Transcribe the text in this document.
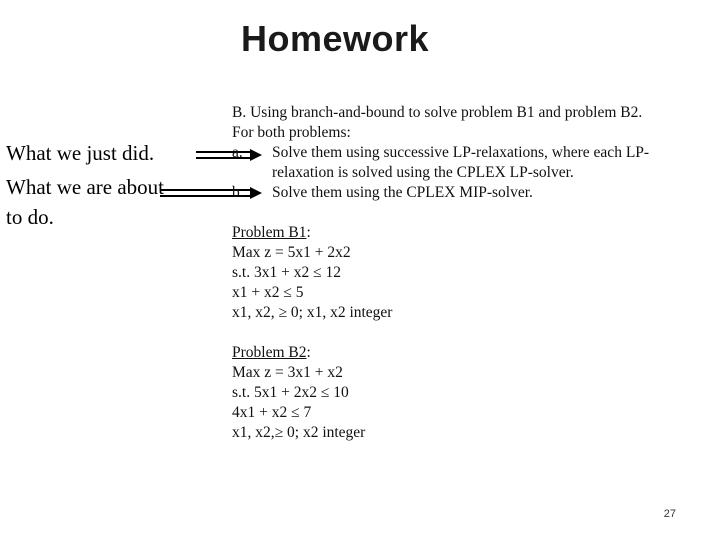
Homework
What we just did.
What we are about to do.
B. Using branch-and-bound to solve problem B1 and problem B2.
For both problems:
a. Solve them using successive LP-relaxations, where each LP-
relaxation is solved using the CPLEX LP-solver.
b. Solve them using the CPLEX MIP-solver.
Problem B1:
Max z = 5x1 + 2x2
s.t. 3x1 + x2 ≤ 12
x1 + x2 ≤ 5
x1, x2, ≥ 0; x1, x2 integer
Problem B2:
Max z = 3x1 + x2
s.t. 5x1 + 2x2 ≤ 10
4x1 + x2 ≤ 7
x1, x2,≥ 0; x2 integer
27
